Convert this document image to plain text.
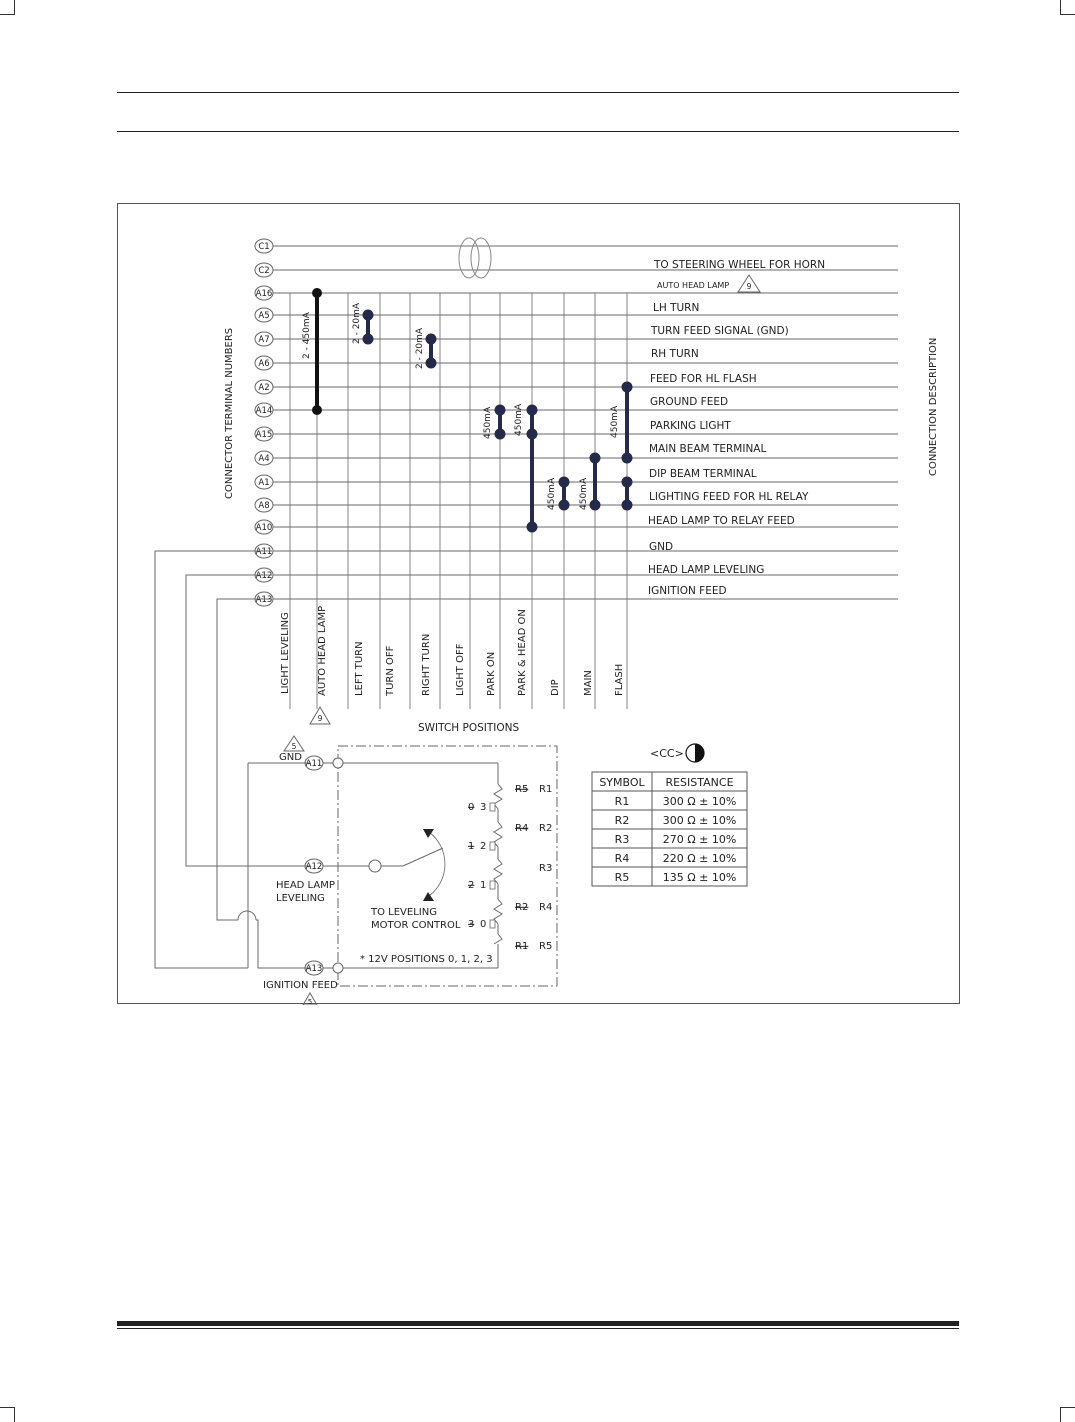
2 - 450mA	2 - 20mA
2 - 20mA
450mA 450mA
450mA 450mA
450mA
C1
C2
A16
A5
A7
A6
A2
A14
A15
A4
A1
A8
A10
A11
A12
A13
A11
A12
A13
CONNECTOR TERMINAL NUMBERS	CONNECTION DESCRIPTION
TO STEERING WHEEL FOR HORN
AUTO HEAD LAMP 9
LH TURN
TURN FEED SIGNAL (GND)
RH TURN
FEED FOR HL FLASH
GROUND FEED
PARKING LIGHT
MAIN BEAM TERMINAL
DIP BEAM TERMINAL
LIGHTING FEED FOR HL RELAY
HEAD LAMP TO RELAY FEED
GND
HEAD LAMP LEVELING
IGNITION FEED
LIGHT LEVELING	AUTO HEAD LAMP	LEFT TURN TURN OFF	RIGHT TURN LIGHT OFF PARK ON PARK & HEAD ON DIP MAIN FLASH
9
SWITCH POSITIONS
5
GND
HEAD LAMP
LEVELING
IGNITION FEED
5
TO LEVELING
MOTOR CONTROL
* 12V POSITIONS 0, 1, 2, 3
0 3
1 2
2 1
3 0
R5 R1
R4 R2
R3
R2 R4
R1 R5
<CC>
SYMBOL RESISTANCE
R1	300 Ω ± 10%
R2	300 Ω ± 10%
R3	270 Ω ± 10%
R4	220 Ω ± 10%
R5	135 Ω ± 10%
